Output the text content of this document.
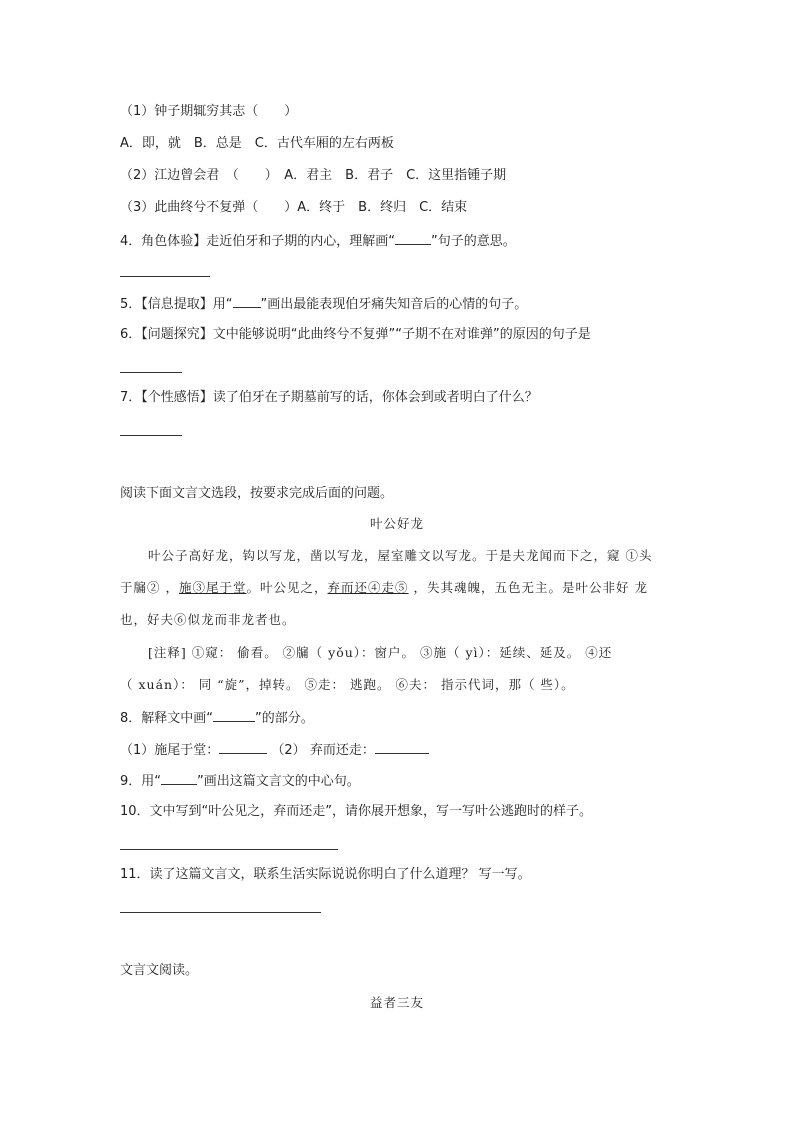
（1）钟子期辄穷其志（　　）
A．即，就　B．总是　C．古代车厢的左右两板
（2）江边曾会君　（　　）　A．君主　B．君子　C．这里指锺子期
（3）此曲终兮不复弹（　　）A．终于　B．终归　C．结束
4．角色体验】走近伯牙和子期的内心，理解画“	”句子的意思。
5．【信息提取】用“ ”画出最能表现伯牙痛失知音后的心情的句子。
6．【问题探究】文中能够说明“此曲终兮不复弹”“子期不在对谁弹”的原因的句子是
7．【个性感悟】读了伯牙在子期墓前写的话，你体会到或者明白了什么？
阅读下面文言文选段，按要求完成后面的问题。
叶公好龙
叶公子高好龙，钩以写龙，凿以写龙，屋室雕文以写龙。于是夫龙闻而下之，窥 ①头
于牖② ，施③尾于堂。叶公见之，弃而还④走⑤ ，失其魂魄，五色无主。是叶公非好 龙
也，好夫⑥似龙而非龙者也。
[注释] ①窥： 偷看。 ②牖（ yǒu）：窗户。 ③施（ yì）：延续、延及。 ④还
（ xuán）： 同 “旋”，掉转。 ⑤走： 逃跑。 ⑥夫： 指示代词，那（ 些）。
8．解释文中画“	”的部分。
（1）施尾于堂：	（2） 弃而还走：
9．用“	”画出这篇文言文的中心句。
10．文中写到“叶公见之，弃而还走”，请你展开想象，写一写叶公逃跑时的样子。
11．读了这篇文言文，联系生活实际说说你明白了什么道理？ 写一写。
文言文阅读。
益者三友
